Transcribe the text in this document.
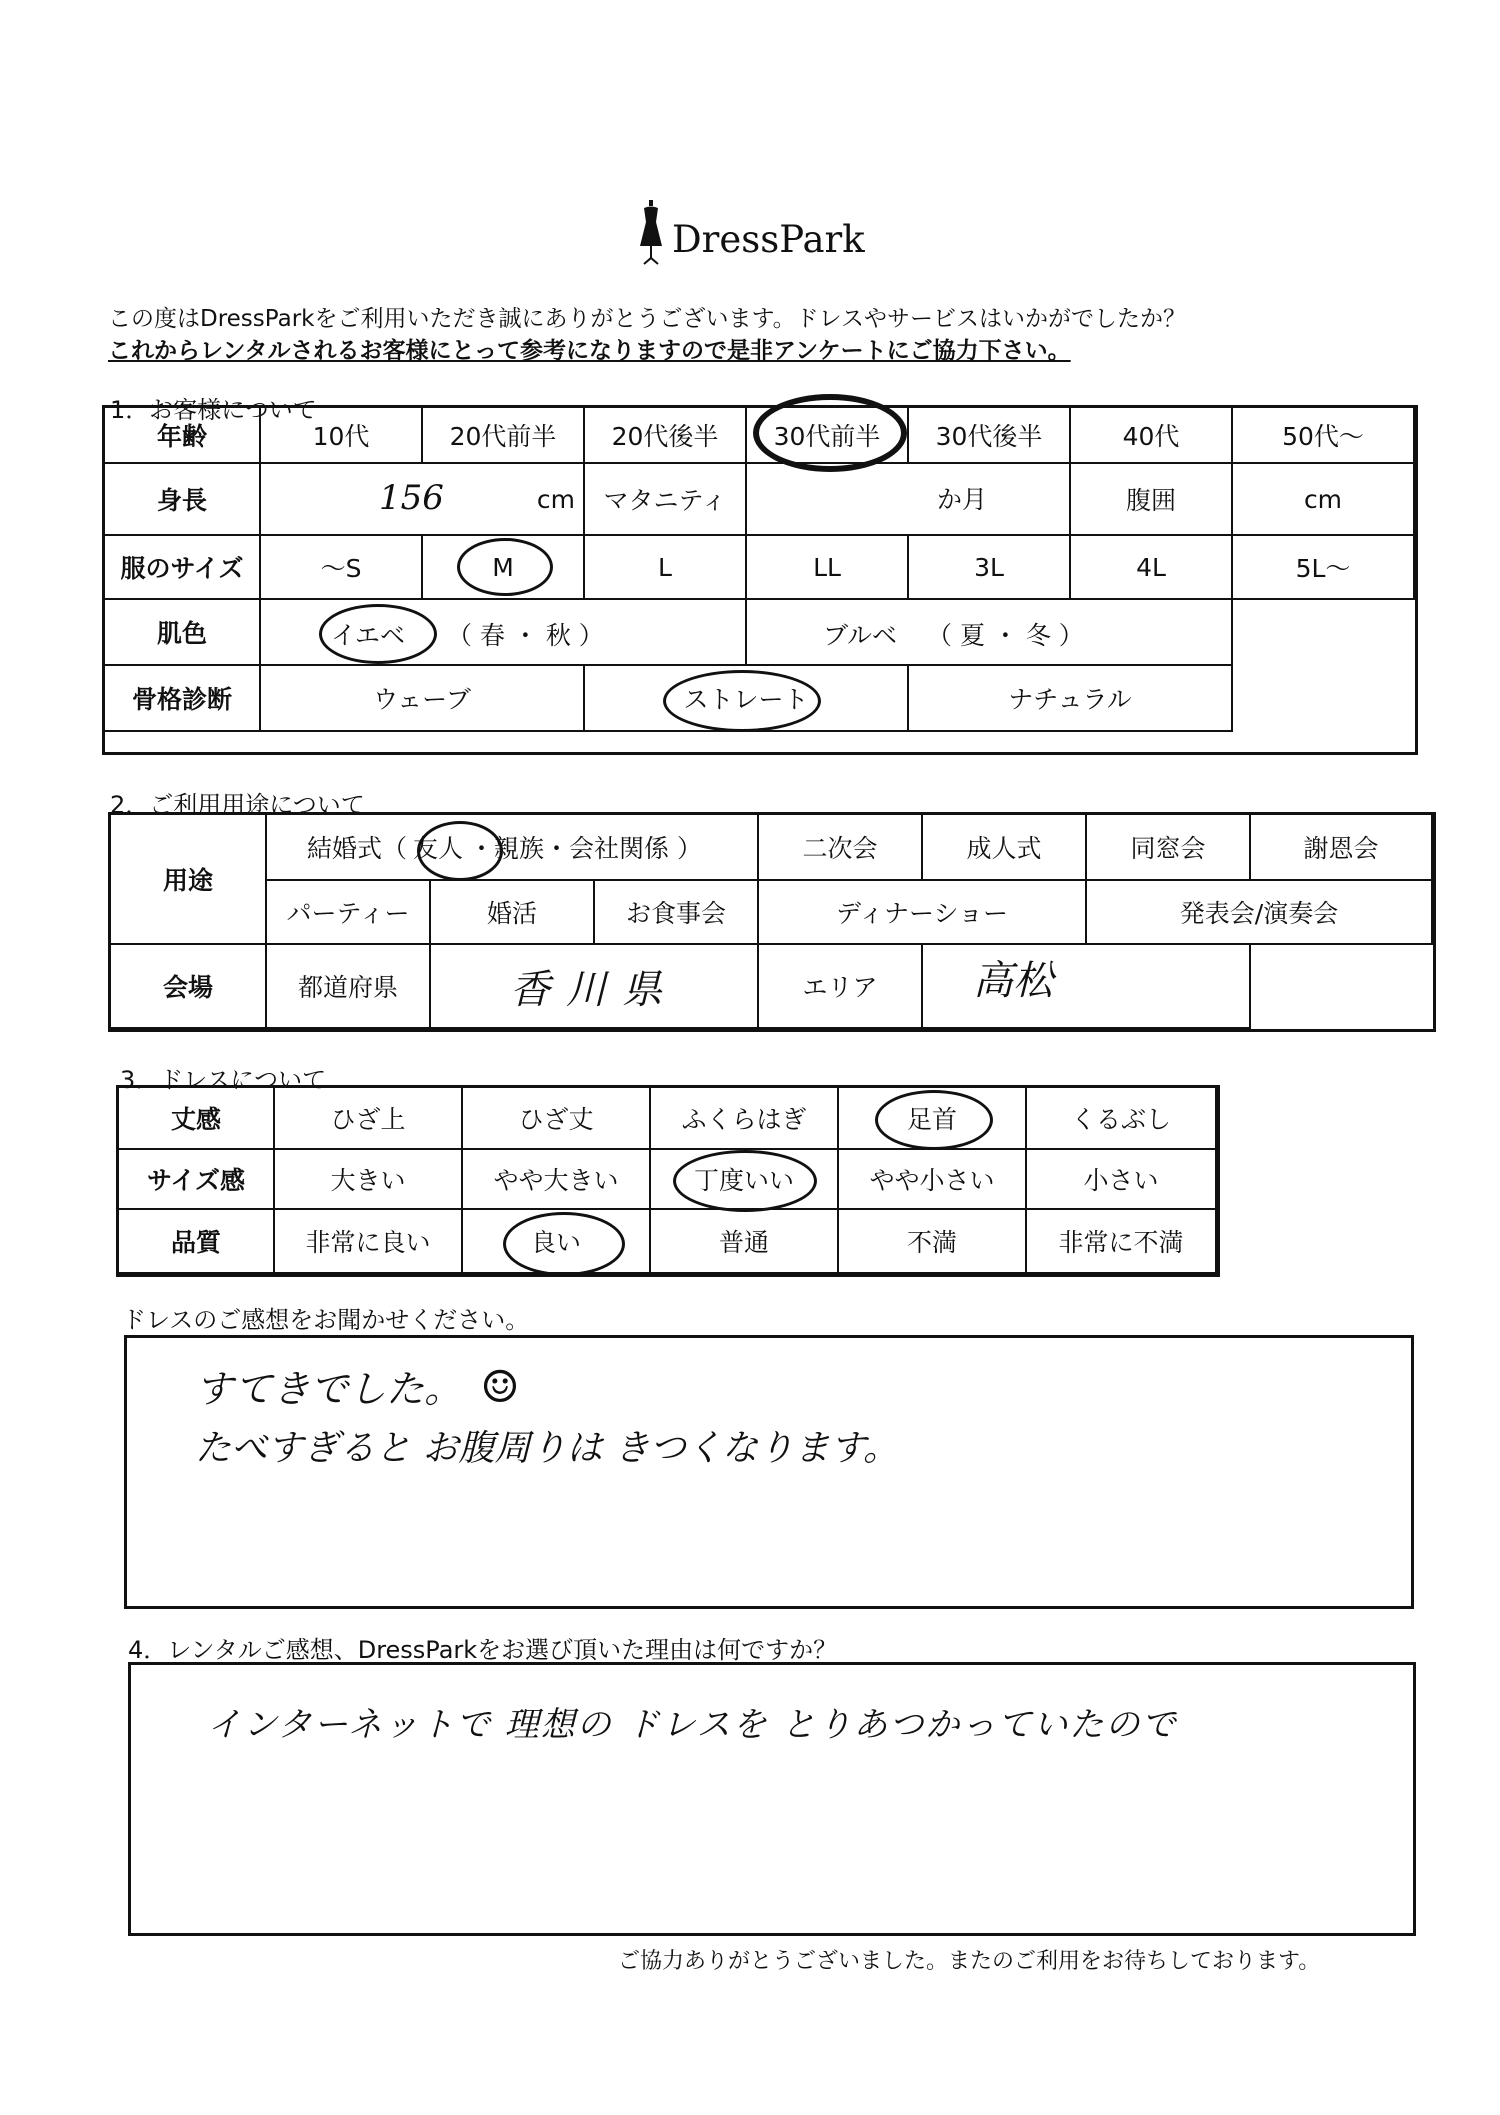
DressPark
この度はDressParkをご利用いただき誠にありがとうございます。ドレスやサービスはいかがでしたか？
これからレンタルされるお客様にとって参考になりますので是非アンケートにご協力下さい。
1．お客様について
年齢	10代	20代前半	20代後半	30代前半	30代後半	40代	50代～
身長	156	cm	マタニティ	か月	腹囲	cm
服のサイズ	～S	M	L	LL	3L	4L	5L～
肌色	イエベ （ 春 ・ 秋 ）	ブルベ （ 夏 ・ 冬 ）
骨格診断	ウェーブ	ストレート	ナチュラル
2．ご利用用途について
用途
結婚式（ 友人 ・親族・会社関係 ）	二次会	成人式	同窓会	謝恩会
パーティー	婚活	お食事会	ディナーショー	発表会/演奏会
会場	都道府県	香川県	エリア	高松
3．ドレスについて
丈感	ひざ上	ひざ丈	ふくらはぎ	足首	くるぶし
サイズ感	大きい	やや大きい	丁度いい	やや小さい	小さい
品質	非常に良い	良い	普通	不満	非常に不満
ドレスのご感想をお聞かせください。
すてきでした。 ☺
たべすぎると お腹周りは きつくなります。
4．レンタルご感想、DressParkをお選び頂いた理由は何ですか？
インターネットで 理想の ドレスを とりあつかっていたので
ご協力ありがとうございました。またのご利用をお待ちしております。
